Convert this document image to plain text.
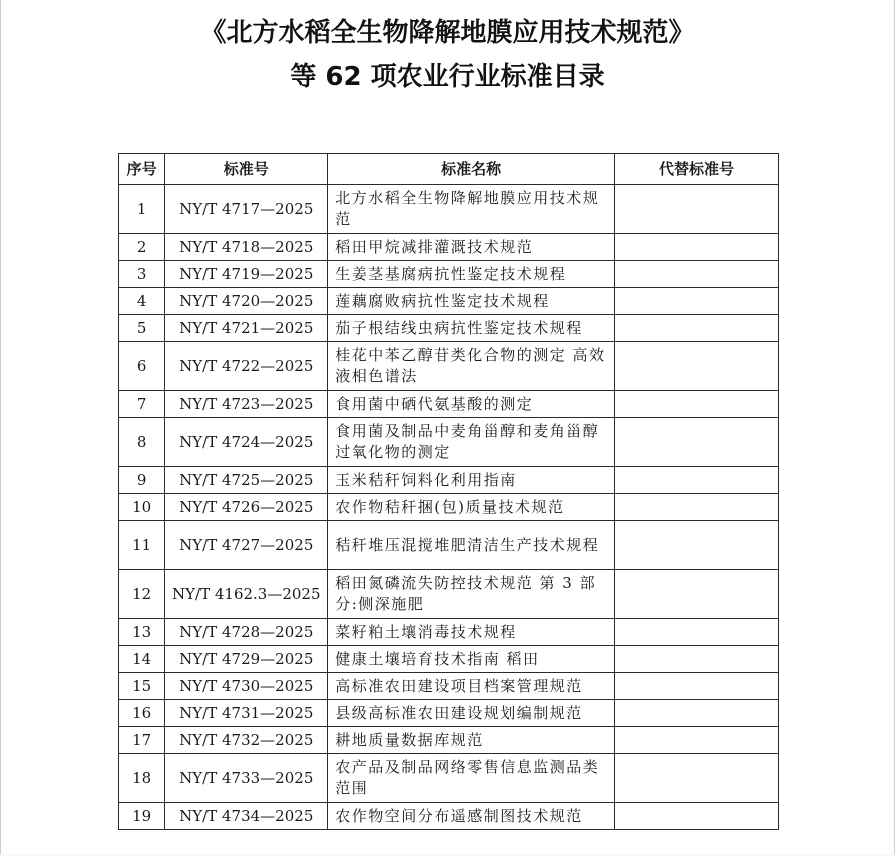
《北方水稻全生物降解地膜应用技术规范》
等 62 项农业行业标准目录
序号	标准号	标准名称	代替标准号
1	NY/T 4717—2025	北方水稻全生物降解地膜应用技术规范	
2	NY/T 4718—2025	稻田甲烷减排灌溉技术规范	
3	NY/T 4719—2025	生姜茎基腐病抗性鉴定技术规程	
4	NY/T 4720—2025	莲藕腐败病抗性鉴定技术规程	
5	NY/T 4721—2025	茄子根结线虫病抗性鉴定技术规程	
6	NY/T 4722—2025	桂花中苯乙醇苷类化合物的测定 高效液相色谱法	
7	NY/T 4723—2025	食用菌中硒代氨基酸的测定	
8	NY/T 4724—2025	食用菌及制品中麦角甾醇和麦角甾醇过氧化物的测定	
9	NY/T 4725—2025	玉米秸秆饲料化利用指南	
10	NY/T 4726—2025	农作物秸秆捆(包)质量技术规范	
11	NY/T 4727—2025	秸秆堆压混搅堆肥清洁生产技术规程	
12	NY/T 4162.3—2025	稻田氮磷流失防控技术规范 第 3 部分:侧深施肥	
13	NY/T 4728—2025	菜籽粕土壤消毒技术规程	
14	NY/T 4729—2025	健康土壤培育技术指南 稻田	
15	NY/T 4730—2025	高标准农田建设项目档案管理规范	
16	NY/T 4731—2025	县级高标准农田建设规划编制规范	
17	NY/T 4732—2025	耕地质量数据库规范	
18	NY/T 4733—2025	农产品及制品网络零售信息监测品类范围	
19	NY/T 4734—2025	农作物空间分布遥感制图技术规范	
